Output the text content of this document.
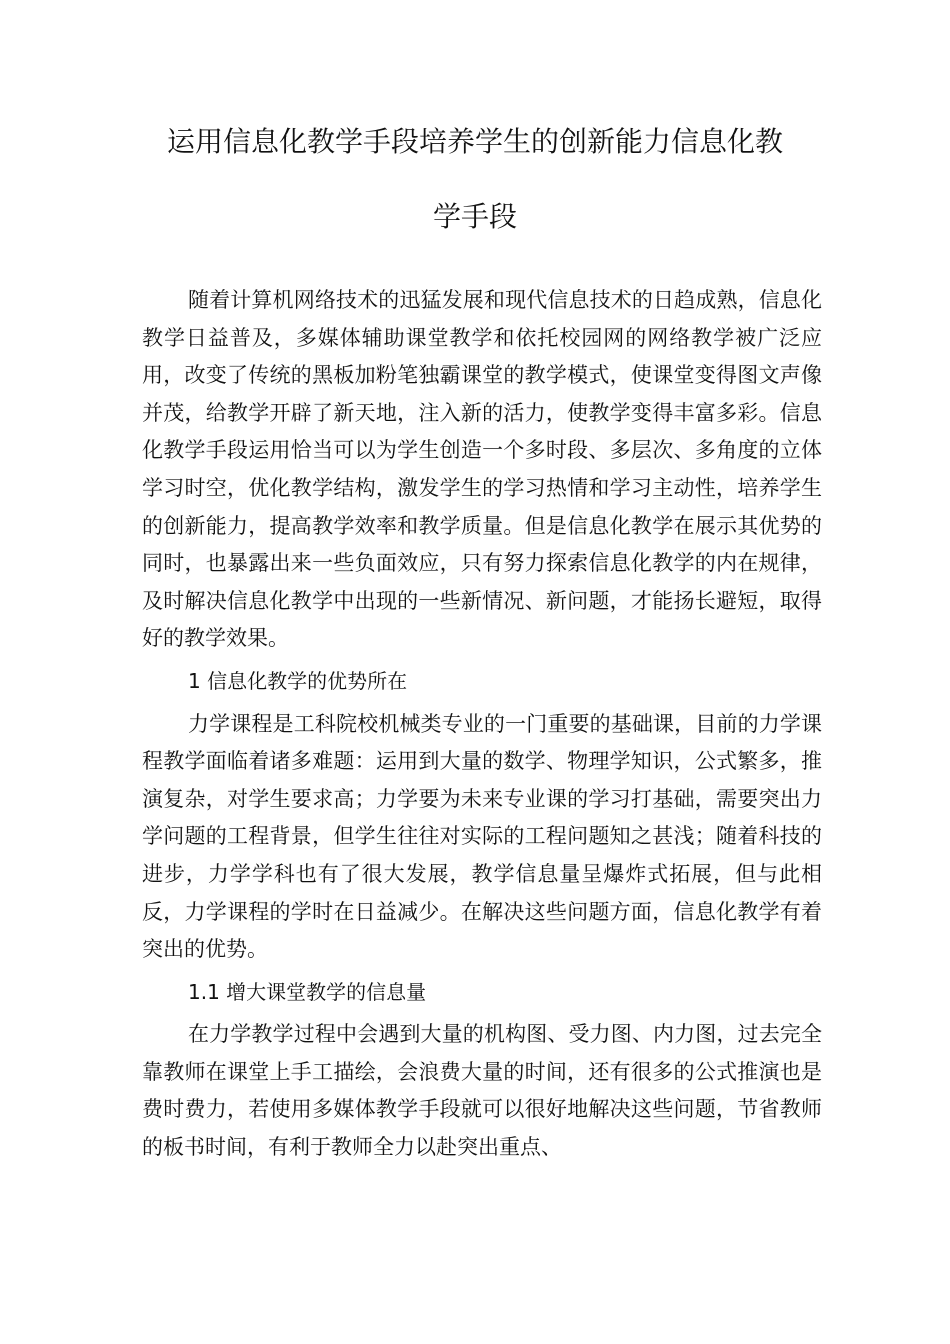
运用信息化教学手段培养学生的创新能力信息化教
学手段

随着计算机网络技术的迅猛发展和现代信息技术的日趋成熟，信息化教学日益普及，多媒体辅助课堂教学和依托校园网的网络教学被广泛应用，改变了传统的黑板加粉笔独霸课堂的教学模式，使课堂变得图文声像并茂，给教学开辟了新天地，注入新的活力，使教学变得丰富多彩。信息化教学手段运用恰当可以为学生创造一个多时段、多层次、多角度的立体学习时空，优化教学结构，激发学生的学习热情和学习主动性，培养学生的创新能力，提高教学效率和教学质量。但是信息化教学在展示其优势的同时，也暴露出来一些负面效应，只有努力探索信息化教学的内在规律，及时解决信息化教学中出现的一些新情况、新问题，才能扬长避短，取得好的教学效果。

1 信息化教学的优势所在

力学课程是工科院校机械类专业的一门重要的基础课，目前的力学课程教学面临着诸多难题：运用到大量的数学、物理学知识，公式繁多，推演复杂，对学生要求高；力学要为未来专业课的学习打基础，需要突出力学问题的工程背景，但学生往往对实际的工程问题知之甚浅；随着科技的进步，力学学科也有了很大发展，教学信息量呈爆炸式拓展，但与此相反，力学课程的学时在日益减少。在解决这些问题方面，信息化教学有着突出的优势。

1.1 增大课堂教学的信息量

在力学教学过程中会遇到大量的机构图、受力图、内力图，过去完全靠教师在课堂上手工描绘，会浪费大量的时间，还有很多的公式推演也是费时费力，若使用多媒体教学手段就可以很好地解决这些问题，节省教师的板书时间，有利于教师全力以赴突出重点、
